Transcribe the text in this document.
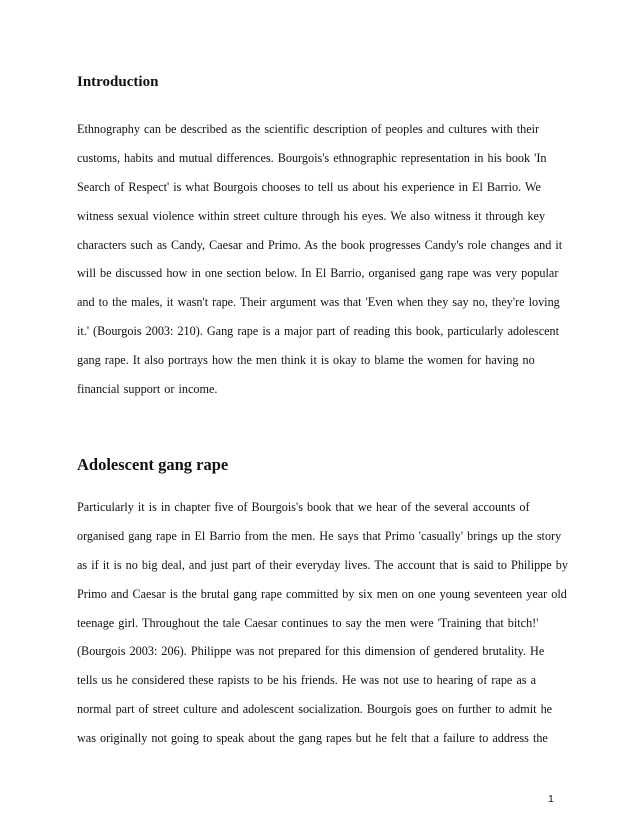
Introduction
Ethnography can be described as the scientific description of peoples and cultures with their
customs, habits and mutual differences. Bourgois's ethnographic representation in his book 'In
Search of Respect' is what Bourgois chooses to tell us about his experience in El Barrio. We
witness sexual violence within street culture through his eyes. We also witness it through key
characters such as Candy, Caesar and Primo. As the book progresses Candy's role changes and it
will be discussed how in one section below. In El Barrio, organised gang rape was very popular
and to the males, it wasn't rape. Their argument was that 'Even when they say no, they're loving
it.' (Bourgois 2003: 210). Gang rape is a major part of reading this book, particularly adolescent
gang rape. It also portrays how the men think it is okay to blame the women for having no
financial support or income.
Adolescent gang rape
Particularly it is in chapter five of Bourgois's book that we hear of the several accounts of
organised gang rape in El Barrio from the men. He says that Primo 'casually' brings up the story
as if it is no big deal, and just part of their everyday lives. The account that is said to Philippe by
Primo and Caesar is the brutal gang rape committed by six men on one young seventeen year old
teenage girl. Throughout the tale Caesar continues to say the men were 'Training that bitch!'
(Bourgois 2003: 206). Philippe was not prepared for this dimension of gendered brutality. He
tells us he considered these rapists to be his friends. He was not use to hearing of rape as a
normal part of street culture and adolescent socialization. Bourgois goes on further to admit he
was originally not going to speak about the gang rapes but he felt that a failure to address the
1
